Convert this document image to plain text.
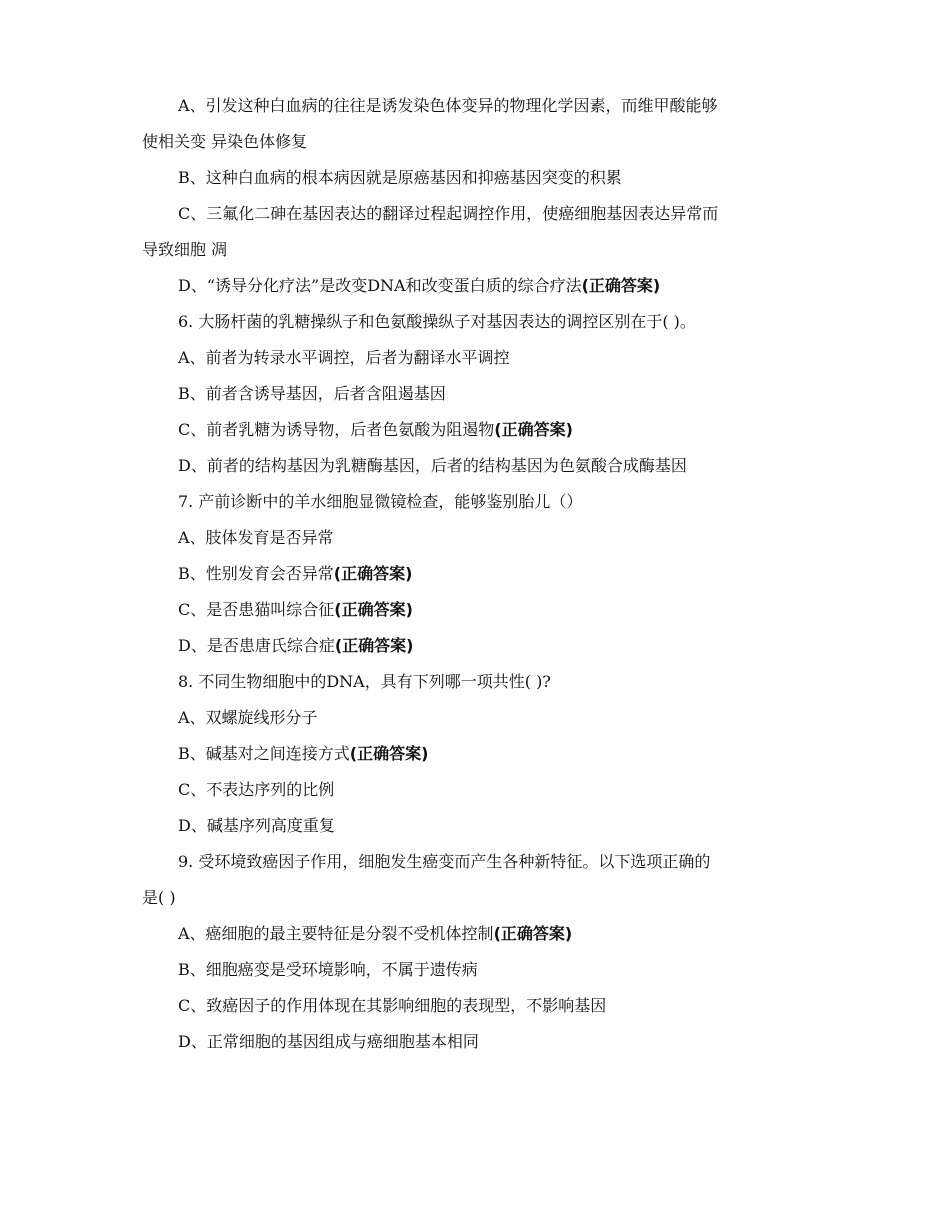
A、引发这种白血病的往往是诱发染色体变异的物理化学因素，而维甲酸能够
使相关变 异染色体修复
B、这种白血病的根本病因就是原癌基因和抑癌基因突变的积累
C、三氟化二砷在基因表达的翻译过程起调控作用，使癌细胞基因表达异常而
导致细胞 凋
D、“诱导分化疗法”是改变DNA和改变蛋白质的综合疗法(正确答案)
6. 大肠杆菌的乳糖操纵子和色氨酸操纵子对基因表达的调控区别在于( )。
A、前者为转录水平调控，后者为翻译水平调控
B、前者含诱导基因，后者含阻遏基因
C、前者乳糖为诱导物，后者色氨酸为阻遏物(正确答案)
D、前者的结构基因为乳糖酶基因，后者的结构基因为色氨酸合成酶基因
7. 产前诊断中的羊水细胞显微镜检查，能够鉴别胎儿（）
A、肢体发育是否异常
B、性别发育会否异常(正确答案)
C、是否患猫叫综合征(正确答案)
D、是否患唐氏综合症(正确答案)
8. 不同生物细胞中的DNA，具有下列哪一项共性( )?
A、双螺旋线形分子
B、碱基对之间连接方式(正确答案)
C、不表达序列的比例
D、碱基序列高度重复
9. 受环境致癌因子作用，细胞发生癌变而产生各种新特征。以下选项正确的
是( )
A、癌细胞的最主要特征是分裂不受机体控制(正确答案)
B、细胞癌变是受环境影响，不属于遗传病
C、致癌因子的作用体现在其影响细胞的表现型，不影响基因
D、正常细胞的基因组成与癌细胞基本相同
